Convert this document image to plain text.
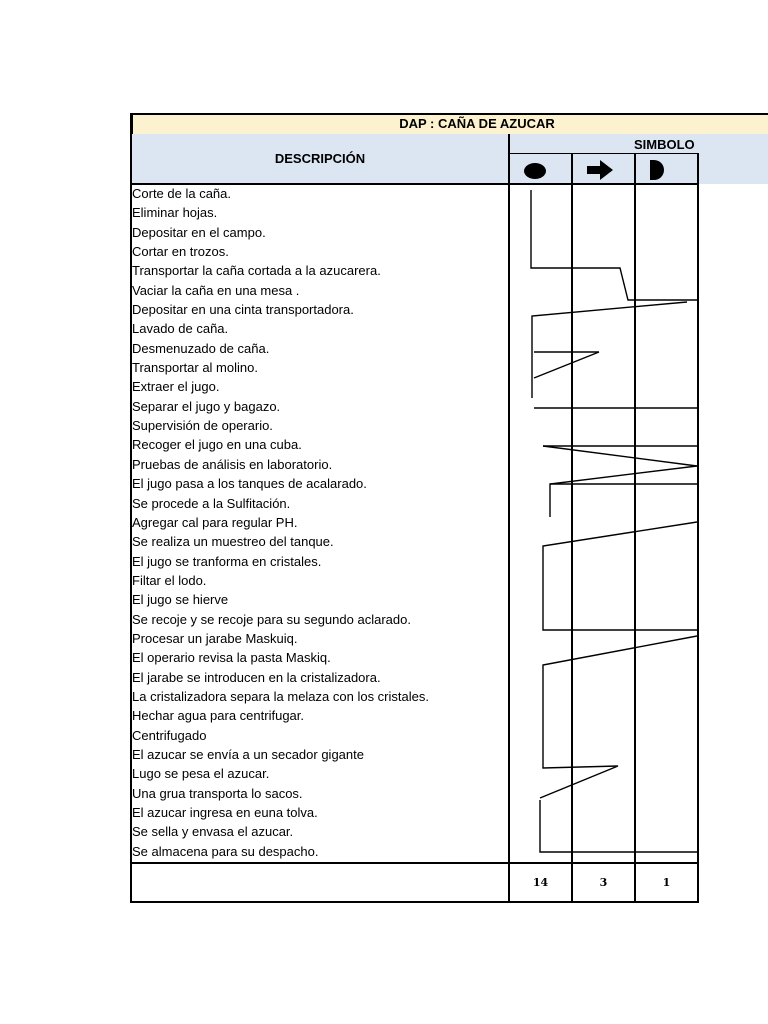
DAP : CAÑA DE AZUCAR
DESCRIPCIÓN
SIMBOLO
Corte de la caña.
Eliminar hojas.
Depositar en el campo.
Cortar en trozos.
Transportar la caña cortada a la azucarera.
Vaciar la caña en una mesa .
Depositar en una cinta transportadora.
Lavado de caña.
Desmenuzado de caña.
Transportar al molino.
Extraer el jugo.
Separar el jugo y bagazo.
Supervisión de operario.
Recoger el jugo en una cuba.
Pruebas de análisis en laboratorio.
El jugo pasa a los tanques de acalarado.
Se procede a la Sulfitación.
Agregar cal para regular PH.
Se realiza un muestreo del tanque.
El jugo se tranforma en cristales.
Filtar el lodo.
El jugo se hierve
Se recoje y se recoje para su segundo aclarado.
Procesar un jarabe Maskuiq.
El operario revisa la pasta Maskiq.
El jarabe se introducen en la cristalizadora.
La cristalizadora separa la melaza con los cristales.
Hechar agua para centrifugar.
Centrifugado
El azucar se envía a un secador gigante
Lugo se pesa el azucar.
Una grua transporta lo sacos.
El azucar ingresa en euna tolva.
Se sella y envasa el azucar.
Se almacena para su despacho.
14	3	1
